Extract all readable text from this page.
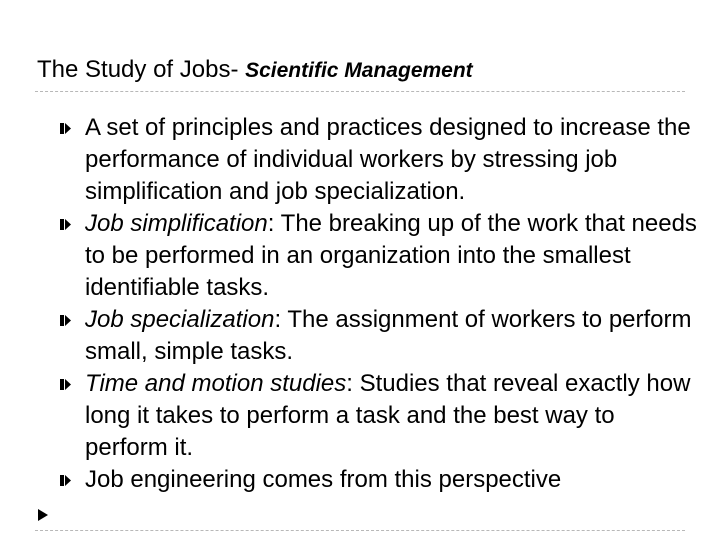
The Study of Jobs- Scientific Management
A set of principles and practices designed to increase the performance of individual workers by stressing job simplification and job specialization.
Job simplification: The breaking up of the work that needs to be performed in an organization into the smallest identifiable tasks.
Job specialization: The assignment of workers to perform small, simple tasks.
Time and motion studies: Studies that reveal exactly how long it takes to perform a task and the best way to perform it.
Job engineering comes from this perspective
